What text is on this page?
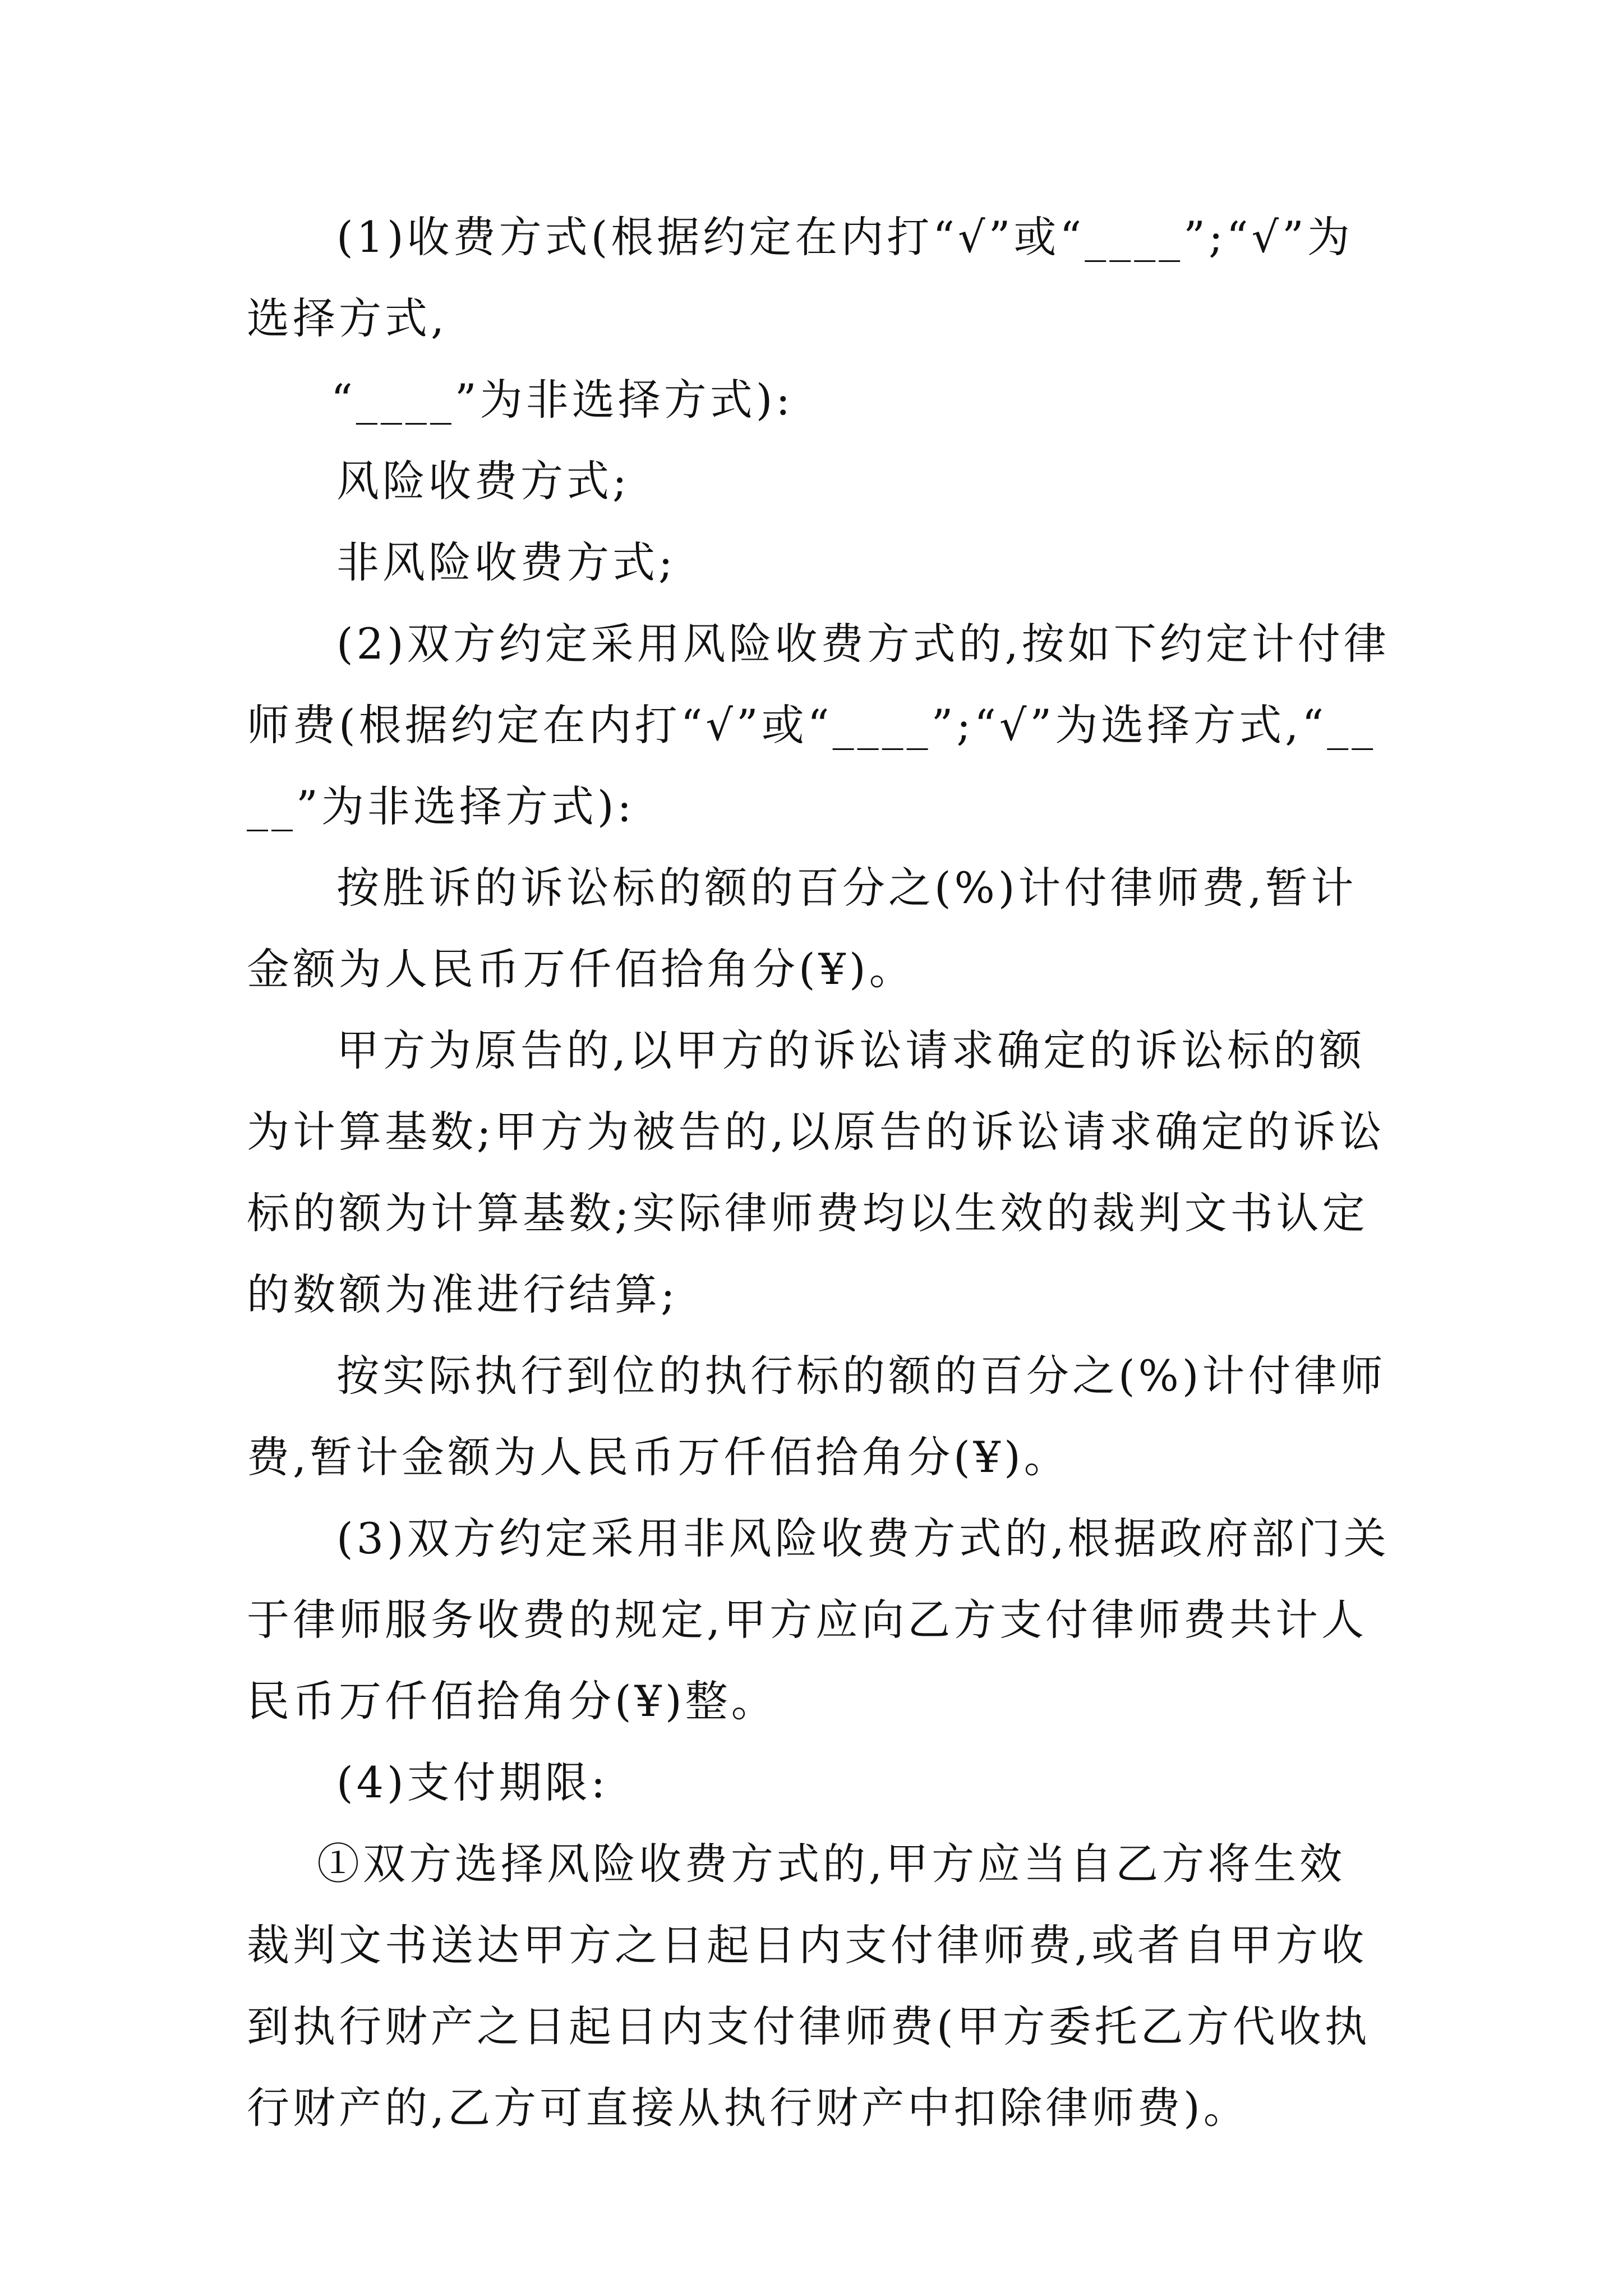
(1)收费方式(根据约定在内打“√”或“____”;“√”为选择方式,

“____”为非选择方式):

风险收费方式;

非风险收费方式;

(2)双方约定采用风险收费方式的,按如下约定计付律师费(根据约定在内打“√”或“____”;“√”为选择方式,“____”为非选择方式):

按胜诉的诉讼标的额的百分之(%)计付律师费,暂计金额为人民币万仟佰拾角分(¥)。

甲方为原告的,以甲方的诉讼请求确定的诉讼标的额为计算基数;甲方为被告的,以原告的诉讼请求确定的诉讼标的额为计算基数;实际律师费均以生效的裁判文书认定的数额为准进行结算;

按实际执行到位的执行标的额的百分之(%)计付律师费,暂计金额为人民币万仟佰拾角分(¥)。

(3)双方约定采用非风险收费方式的,根据政府部门关于律师服务收费的规定,甲方应向乙方支付律师费共计人民币万仟佰拾角分(¥)整。

(4)支付期限:

①双方选择风险收费方式的,甲方应当自乙方将生效裁判文书送达甲方之日起日内支付律师费,或者自甲方收到执行财产之日起日内支付律师费(甲方委托乙方代收执行财产的,乙方可直接从执行财产中扣除律师费)。
